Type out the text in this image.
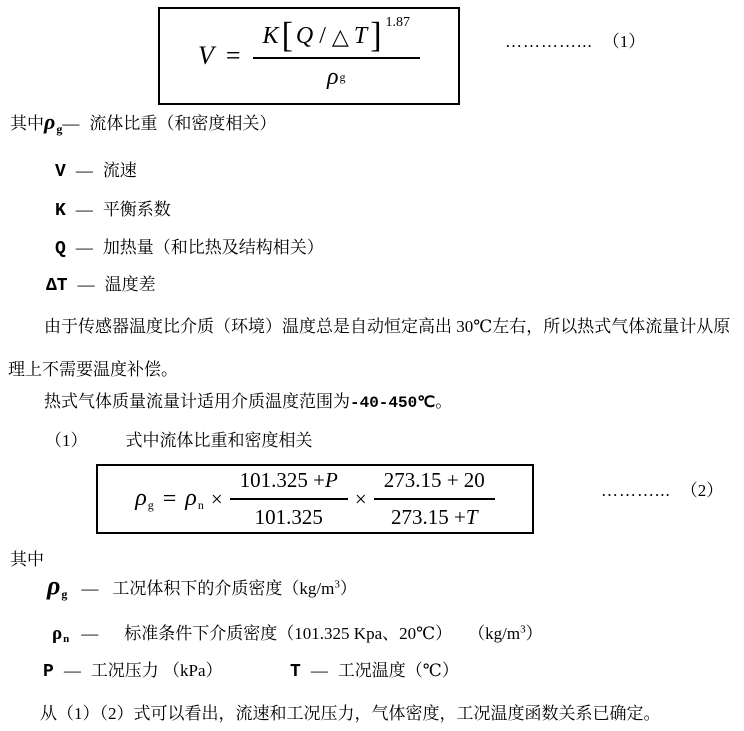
V =
K [ Q / △ T ] 1.87
ρ g
…………... （1）
其中 $\rho_g$ — 流体比重（和密度相关）
V — 流速
K — 平衡系数
Q — 加热量（和比热及结构相关）
ΔT — 温度差
由于传感器温度比介质（环境）温度总是自动恒定高出 30℃左右，所以热式气体流量计从原理上不需要温度补偿。
热式气体质量流量计适用介质温度范围为-40-450℃。
（1） 式中流体比重和密度相关
$\rho_g = \rho_n \times \frac{101.325 + P}{101.325} \times \frac{273.15 + 20}{273.15 + T}$	………... （2）
其中
$\rho_g$ — 工况体积下的介质密度$(kg/m^3)$
$\rho_n$ — 标准条件下介质密度（101.325 Kpa、20℃） $(kg/m^3)$
P — 工况压力 （kPa）	T — 工况温度（℃）
从（1）（2）式可以看出，流速和工况压力，气体密度，工况温度函数关系已确定。
